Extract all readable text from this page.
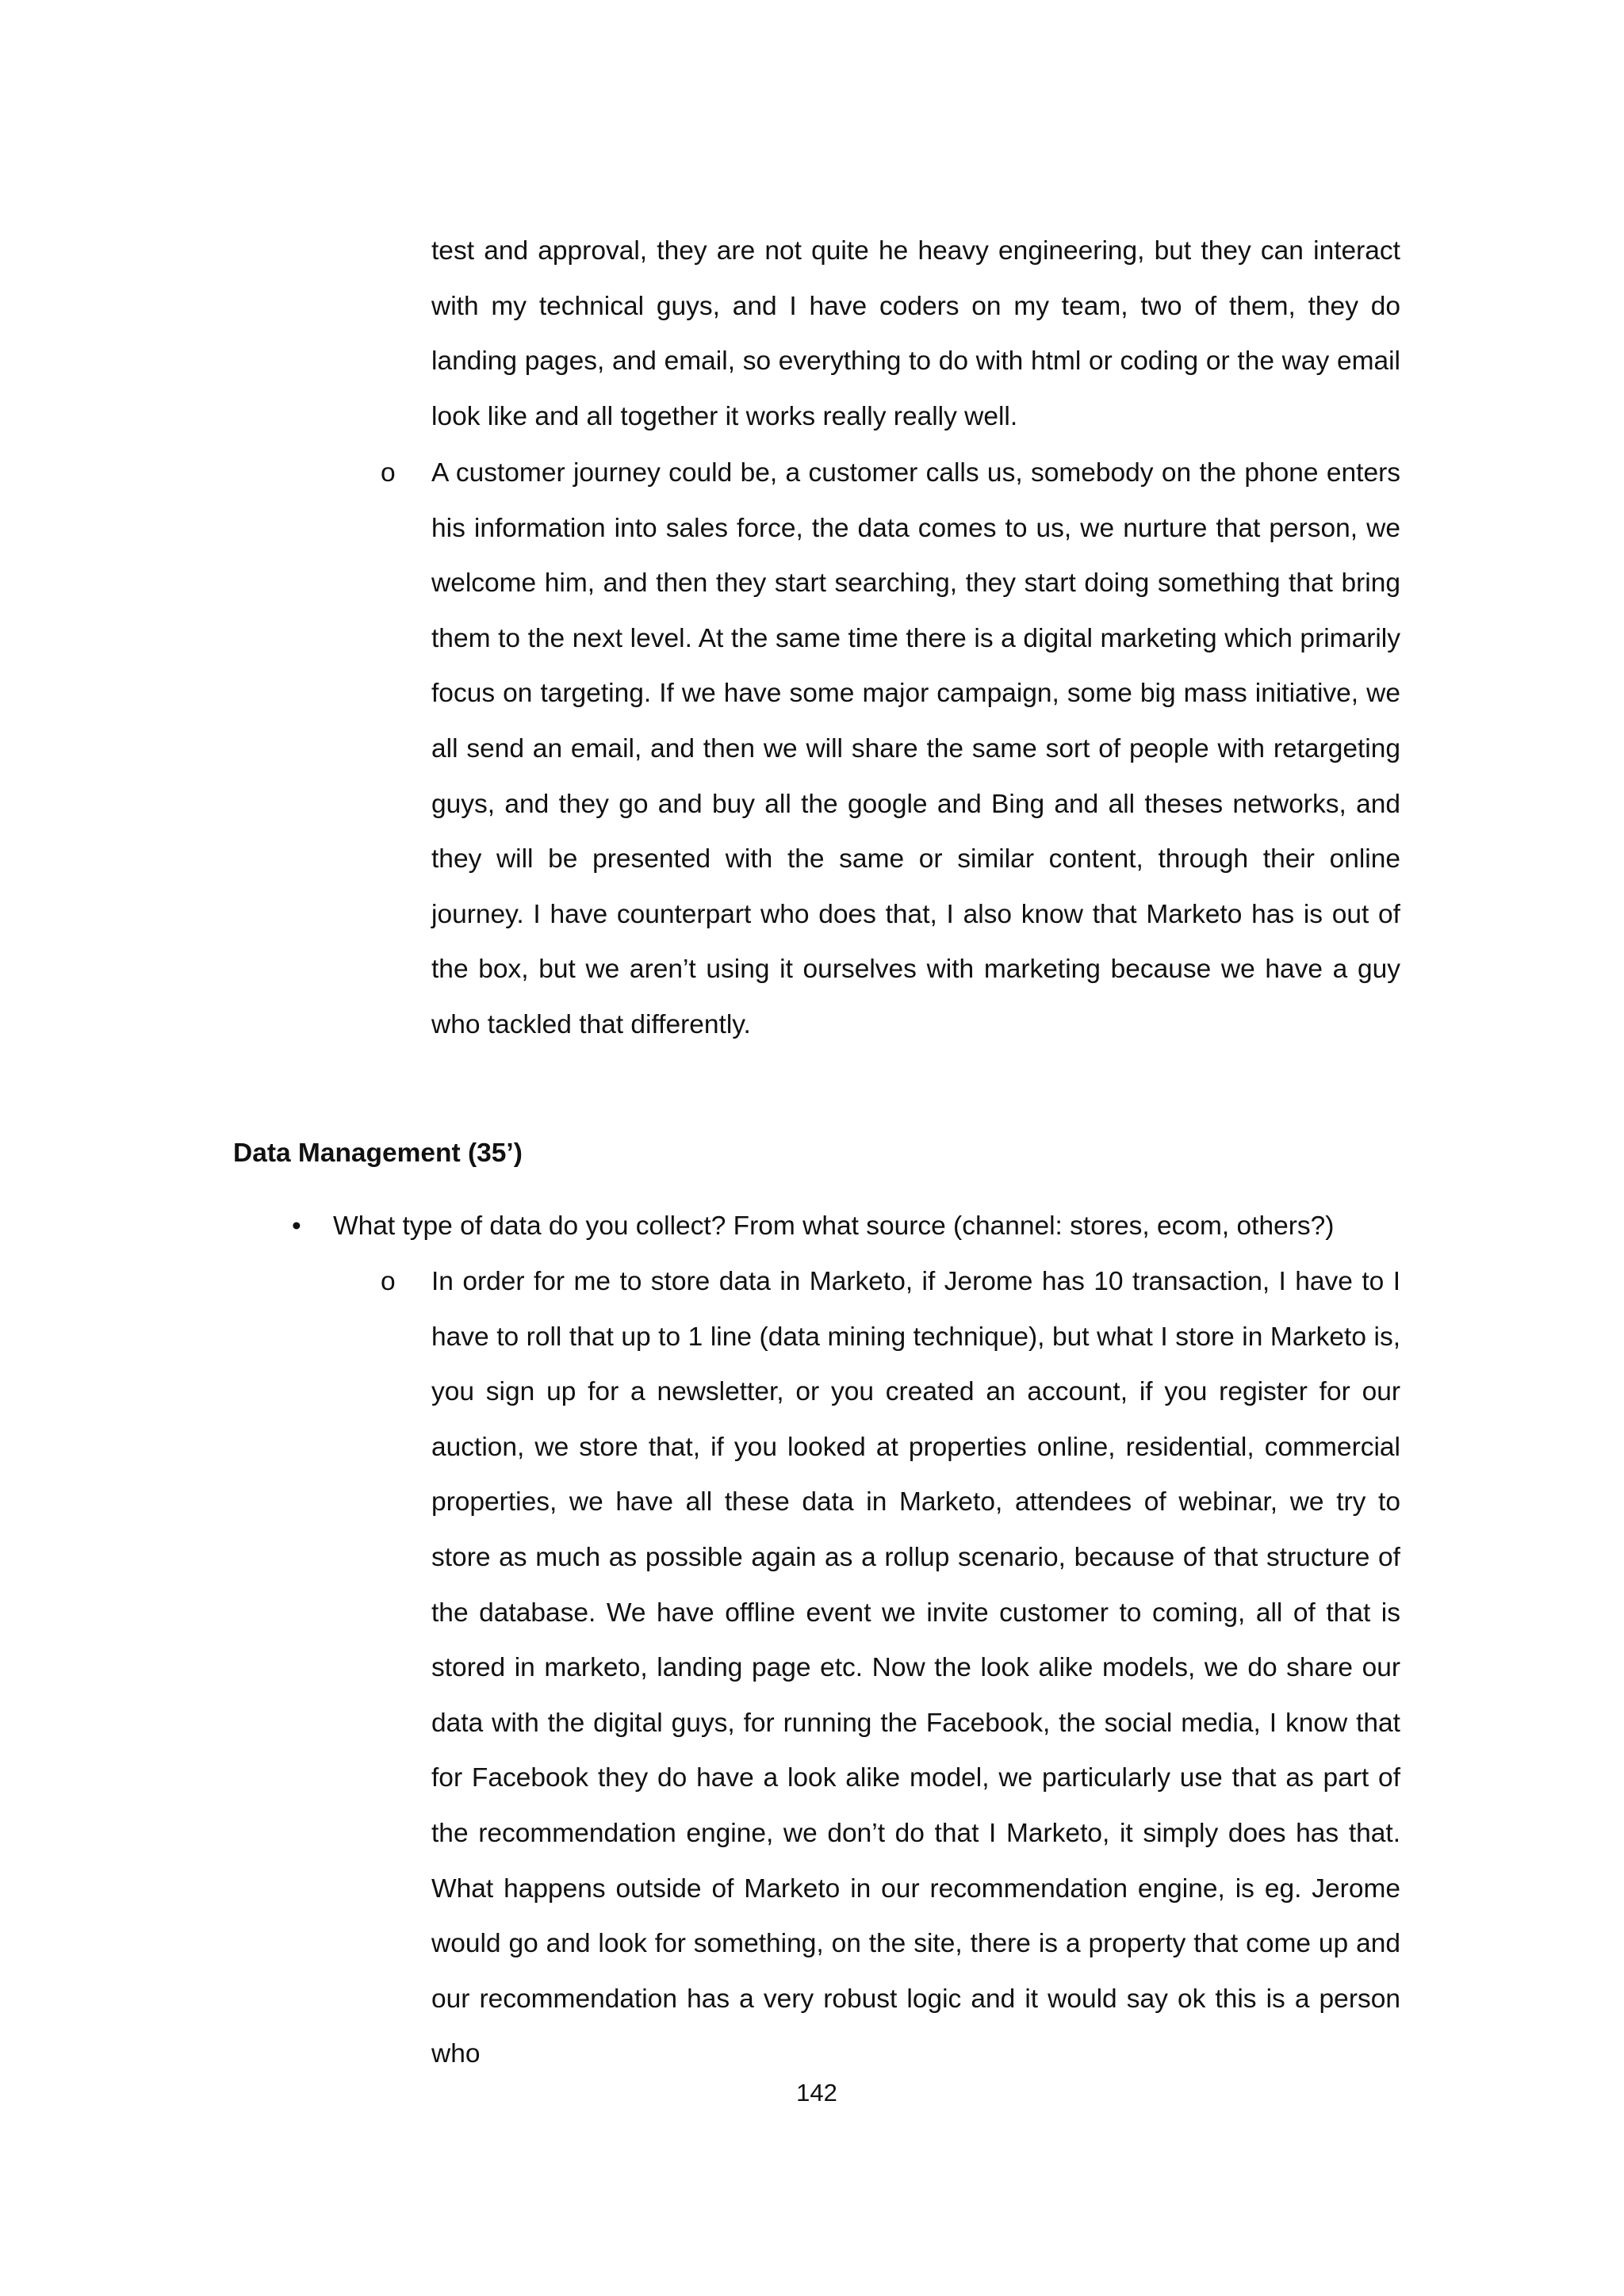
test and approval, they are not quite he heavy engineering, but they can interact with my technical guys, and I have coders on my team, two of them, they do landing pages, and email, so everything to do with html or coding or the way email look like and all together it works really really well.

o A customer journey could be, a customer calls us, somebody on the phone enters his information into sales force, the data comes to us, we nurture that person, we welcome him, and then they start searching, they start doing something that bring them to the next level. At the same time there is a digital marketing which primarily focus on targeting. If we have some major campaign, some big mass initiative, we all send an email, and then we will share the same sort of people with retargeting guys, and they go and buy all the google and Bing and all theses networks, and they will be presented with the same or similar content, through their online journey. I have counterpart who does that, I also know that Marketo has is out of the box, but we aren’t using it ourselves with marketing because we have a guy who tackled that differently.

Data Management (35’)
• What type of data do you collect? From what source (channel: stores, ecom, others?)

o In order for me to store data in Marketo, if Jerome has 10 transaction, I have to I have to roll that up to 1 line (data mining technique), but what I store in Marketo is, you sign up for a newsletter, or you created an account, if you register for our auction, we store that, if you looked at properties online, residential, commercial properties, we have all these data in Marketo, attendees of webinar, we try to store as much as possible again as a rollup scenario, because of that structure of the database. We have offline event we invite customer to coming, all of that is stored in marketo, landing page etc. Now the look alike models, we do share our data with the digital guys, for running the Facebook, the social media, I know that for Facebook they do have a look alike model, we particularly use that as part of the recommendation engine, we don’t do that I Marketo, it simply does has that. What happens outside of Marketo in our recommendation engine, is eg. Jerome would go and look for something, on the site, there is a property that come up and our recommendation has a very robust logic and it would say ok this is a person who

142
